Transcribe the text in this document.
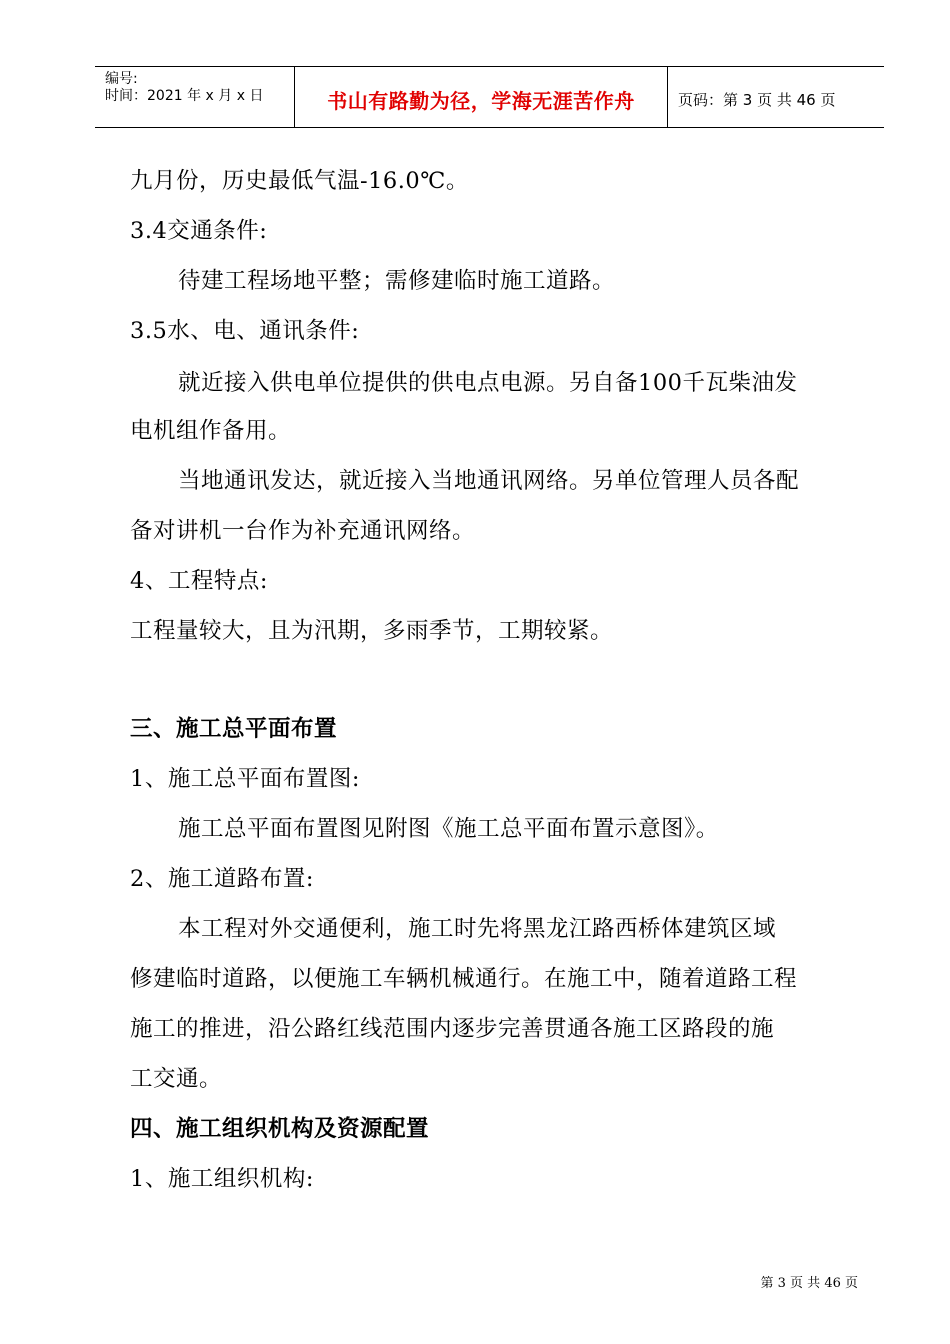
编号:
时间：2021 年 x 月 x 日	书山有路勤为径，学海无涯苦作舟	页码：第 3 页 共 46 页
九月份，历史最低气温-16.0℃。
3.4交通条件:
待建工程场地平整；需修建临时施工道路。
3.5水、电、通讯条件:
就近接入供电单位提供的供电点电源。另自备100千瓦柴油发
电机组作备用。
当地通讯发达，就近接入当地通讯网络。另单位管理人员各配
备对讲机一台作为补充通讯网络。
4、工程特点:
工程量较大，且为汛期，多雨季节，工期较紧。
三、施工总平面布置
1、施工总平面布置图:
施工总平面布置图见附图《施工总平面布置示意图》。
2、施工道路布置:
本工程对外交通便利，施工时先将黑龙江路西桥体建筑区域
修建临时道路，以便施工车辆机械通行。在施工中，随着道路工程
施工的推进，沿公路红线范围内逐步完善贯通各施工区路段的施
工交通。
四、施工组织机构及资源配置
1、施工组织机构:
第 3 页 共 46 页
